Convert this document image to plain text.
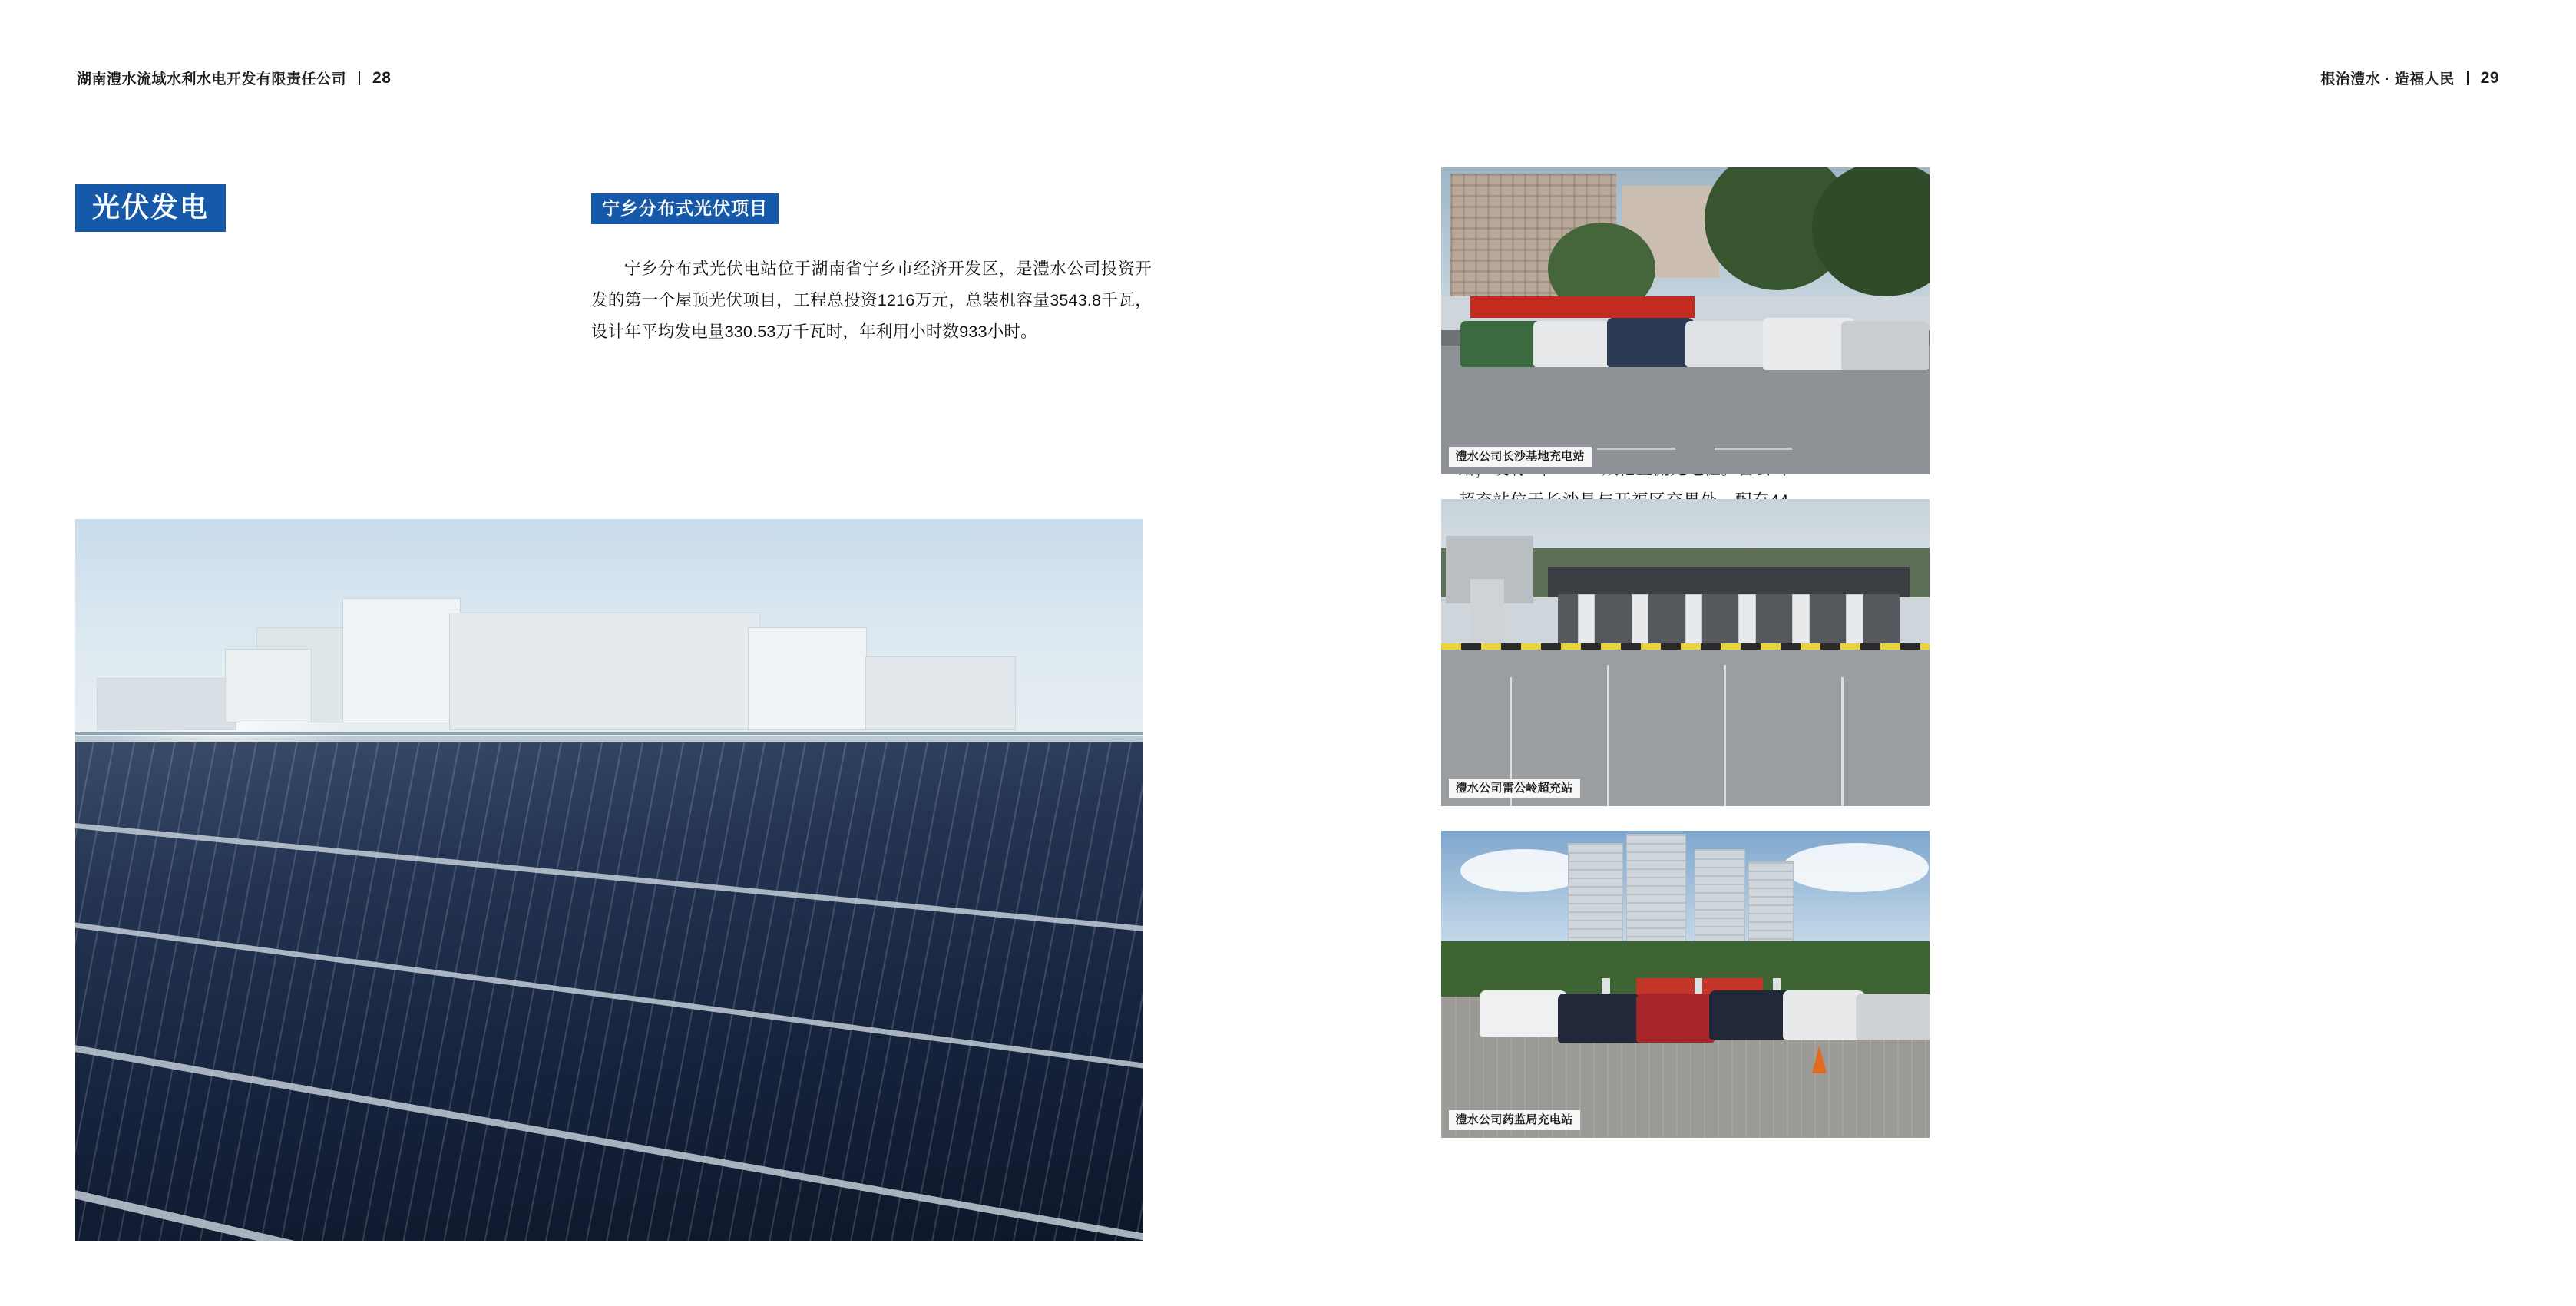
湖南澧水流域水利水电开发有限责任公司 28
光伏发电	宁乡分布式光伏项目

宁乡分布式光伏电站位于湖南省宁乡市经济开发区，是澧水公司投资开发的第一个屋顶光伏项目，工程总投资1216万元，总装机容量3543.8千瓦，设计年平均发电量330.53万千瓦时，年利用小时数933小时。

根治澧水 · 造福人民 29

澧水公司长沙基地充电站
澧水公司雷公岭超充站
澧水公司药监局充电站
